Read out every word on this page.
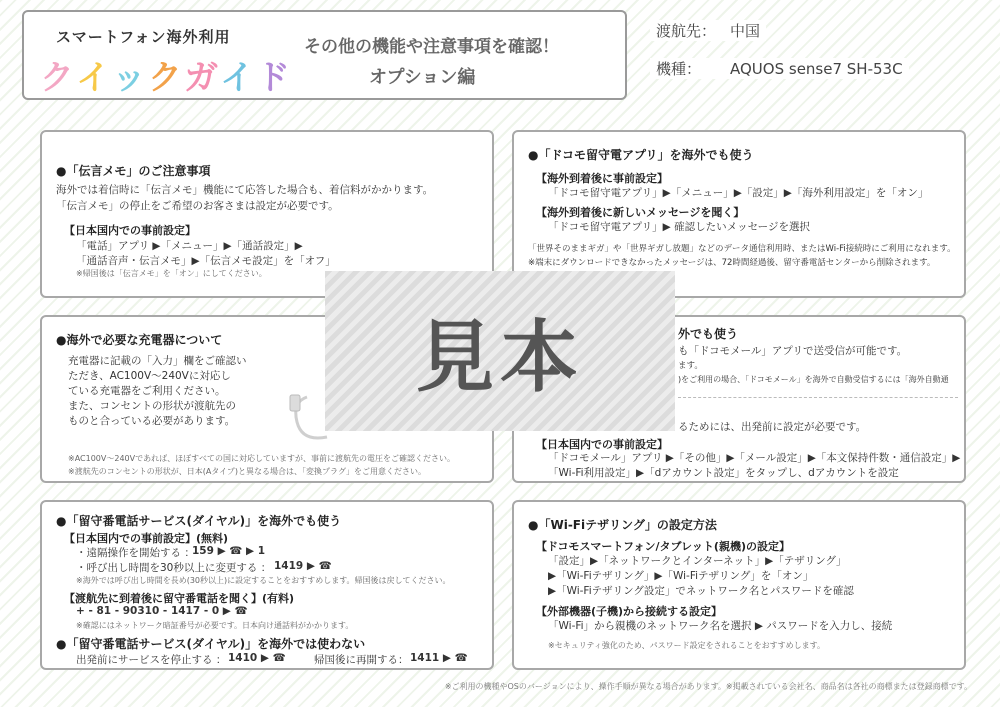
スマートフォン海外利用
クイックガイド
その他の機能や注意事項を確認！
オプション編
渡航先： 中国
機種： AQUOS sense7 SH-53C
●「伝言メモ」のご注意事項
海外では着信時に「伝言メモ」機能にて応答した場合も、着信料がかかります。
「伝言メモ」の停止をご希望のお客さまは設定が必要です。
【日本国内での事前設定】
「電話」アプリ ▶「メニュー」▶「通話設定」▶
「通話音声・伝言メモ」▶「伝言メモ設定」を「オフ」
※帰国後は「伝言メモ」を「オン」にしてください。
●「ドコモ留守電アプリ」を海外でも使う
【海外到着後に事前設定】
「ドコモ留守電アプリ」▶「メニュー」▶「設定」▶「海外利用設定」を「オン」
【海外到着後に新しいメッセージを聞く】
「ドコモ留守電アプリ」▶ 確認したいメッセージを選択
「世界そのままギガ」や「世界ギガし放題」などのデータ通信利用時、またはWi-Fi接続時にご利用になれます。
※端末にダウンロードできなかったメッセージは、72時間経過後、留守番電話センターから削除されます。
●海外で必要な充電器について
充電器に記載の「入力」欄をご確認い
ただき、AC100V～240Vに対応し
ている充電器をご利用ください。
また、コンセントの形状が渡航先の
ものと合っている必要があります。
※AC100V～240Vであれば、ほぼすべての国に対応していますが、事前に渡航先の電圧をご確認ください。
※渡航先のコンセントの形状が、日本(Aタイプ)と異なる場合は、「変換プラグ」をご用意ください。
外でも使う
も「ドコモメール」アプリで送受信が可能です。
ます。
)をご利用の場合、「ドコモメール」を海外で自動受信するには「海外自動通
るためには、出発前に設定が必要です。
【日本国内での事前設定】
「ドコモメール」アプリ ▶「その他」▶「メール設定」▶「本文保持件数・通信設定」▶
「Wi-Fi利用設定」▶「dアカウント設定」をタップし、dアカウントを設定
●「留守番電話サービス(ダイヤル)」を海外でも使う
【日本国内での事前設定】(無料)
・遠隔操作を開始する ：
159 ▶ ☎ ▶ 1
・呼び出し時間を30秒以上に変更する ： 1419 ▶ ☎
※海外では呼び出し時間を長め(30秒以上)に設定することをおすすめします。帰国後は戻してください。
【渡航先に到着後に留守番電話を聞く】(有料)
+ - 81 - 90310 - 1417 - 0 ▶ ☎
※確認にはネットワーク暗証番号が必要です。日本向け通話料がかかります。
●「留守番電話サービス(ダイヤル)」を海外では使わない
出発前にサービスを停止する ： 1410 ▶ ☎	帰国後に再開する： 1411 ▶ ☎
●「Wi-Fiテザリング」の設定方法
【ドコモスマートフォン/タブレット(親機)の設定】
「設定」▶「ネットワークとインターネット」▶「テザリング」
▶「Wi-Fiテザリング」▶「Wi-Fiテザリング」を「オン」
▶「Wi-Fiテザリング設定」でネットワーク名とパスワードを確認
【外部機器(子機)から接続する設定】
「Wi-Fi」から親機のネットワーク名を選択 ▶ パスワードを入力し、接続
※セキュリティ強化のため、パスワード設定をされることをおすすめします。
見本
※ご利用の機種やOSのバージョンにより、操作手順が異なる場合があります。※掲載されている会社名、商品名は各社の商標または登録商標です。
